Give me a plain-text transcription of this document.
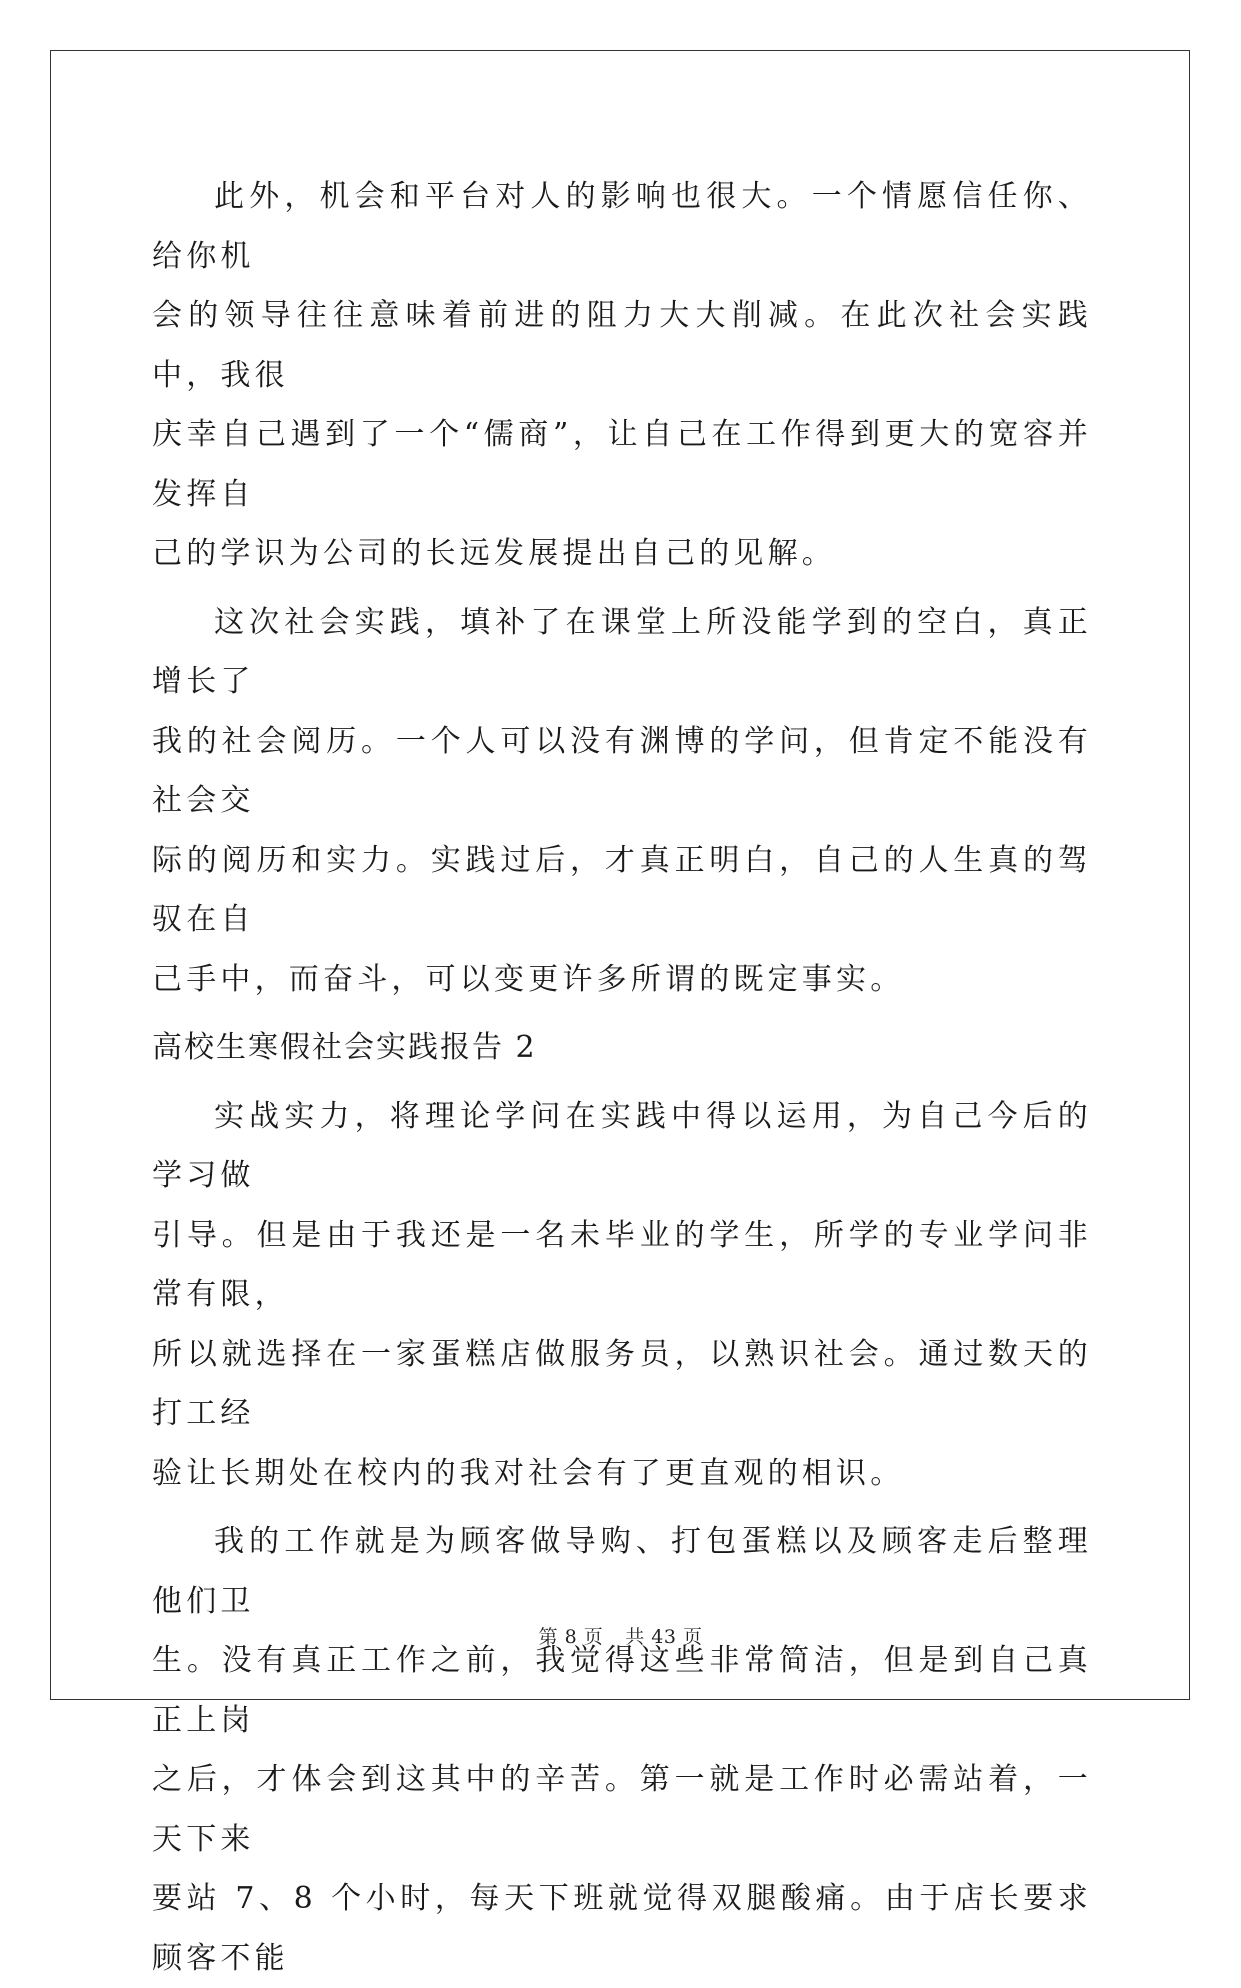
此外，机会和平台对人的影响也很大。一个情愿信任你、给你机
会的领导往往意味着前进的阻力大大削减。在此次社会实践中，我很
庆幸自己遇到了一个“儒商”，让自己在工作得到更大的宽容并发挥自
己的学识为公司的长远发展提出自己的见解。

这次社会实践，填补了在课堂上所没能学到的空白，真正增长了
我的社会阅历。一个人可以没有渊博的学问，但肯定不能没有社会交
际的阅历和实力。实践过后，才真正明白，自己的人生真的驾驭在自
己手中，而奋斗，可以变更许多所谓的既定事实。

高校生寒假社会实践报告 2

实战实力，将理论学问在实践中得以运用，为自己今后的学习做
引导。但是由于我还是一名未毕业的学生，所学的专业学问非常有限，
所以就选择在一家蛋糕店做服务员，以熟识社会。通过数天的打工经
验让长期处在校内的我对社会有了更直观的相识。

我的工作就是为顾客做导购、打包蛋糕以及顾客走后整理他们卫
生。没有真正工作之前，我觉得这些非常简洁，但是到自己真正上岗
之后，才体会到这其中的辛苦。第一就是工作时必需站着，一天下来
要站 7、8 个小时，每天下班就觉得双腿酸痛。由于店长要求顾客不能

第 8 页 共 43 页
